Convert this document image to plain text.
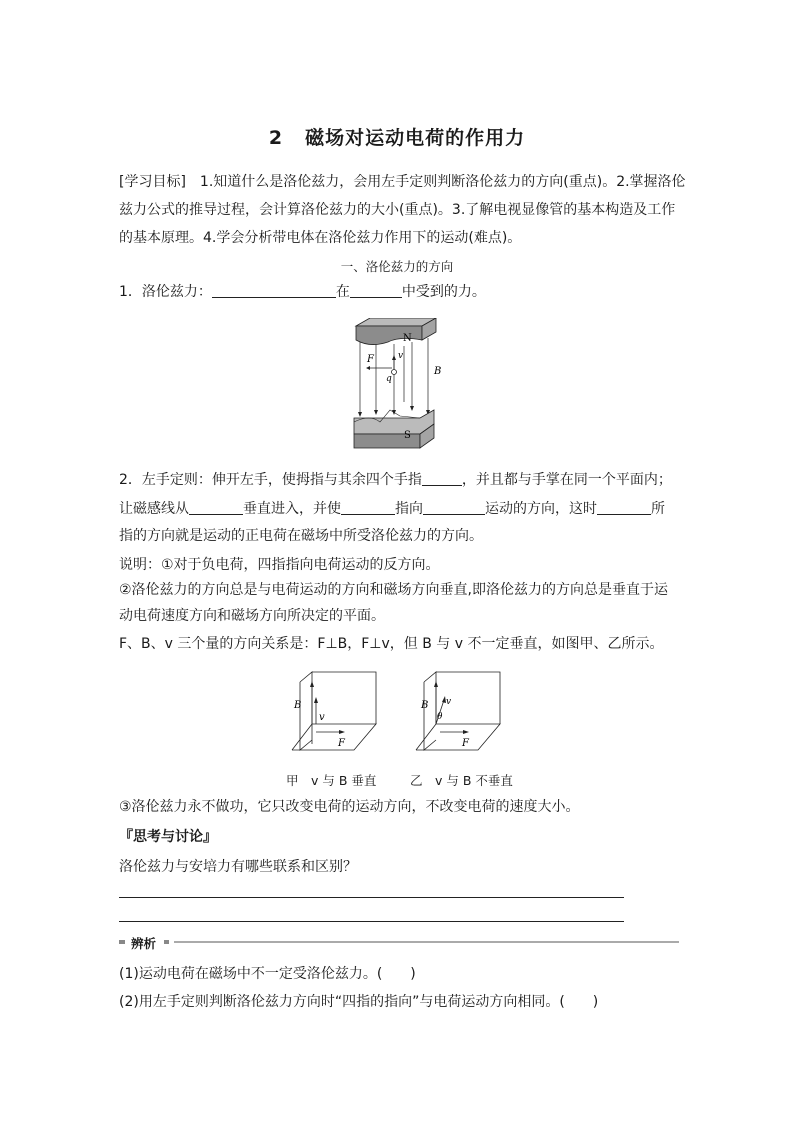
2 磁场对运动电荷的作用力
[学习目标]　1.知道什么是洛伦兹力，会用左手定则判断洛伦兹力的方向(重点)。2.掌握洛伦
兹力公式的推导过程，会计算洛伦兹力的大小(重点)。3.了解电视显像管的基本构造及工作
的基本原理。4.学会分析带电体在洛伦兹力作用下的运动(难点)。
一、洛伦兹力的方向
1．洛伦兹力：	在	中受到的力。
N
F	v
q
B
S
2．左手定则：伸开左手，使拇指与其余四个手指	，并且都与手掌在同一个平面内；
让磁感线从	垂直进入，并使	指向	运动的方向，这时	所
指的方向就是运动的正电荷在磁场中所受洛伦兹力的方向。
说明：①对于负电荷，四指指向电荷运动的反方向。
②洛伦兹力的方向总是与电荷运动的方向和磁场方向垂直,即洛伦兹力的方向总是垂直于运
动电荷速度方向和磁场方向所决定的平面。
F、B、v 三个量的方向关系是：F⊥B，F⊥v，但 B 与 v 不一定垂直，如图甲、乙所示。
B
v
F
甲　v 与 B 垂直
B v
θ
F
乙　v 与 B 不垂直
③洛伦兹力永不做功，它只改变电荷的运动方向，不改变电荷的速度大小。
『思考与讨论』
洛伦兹力与安培力有哪些联系和区别？
辨析
(1)运动电荷在磁场中不一定受洛伦兹力。(　　)
(2)用左手定则判断洛伦兹力方向时“四指的指向”与电荷运动方向相同。(　　)
